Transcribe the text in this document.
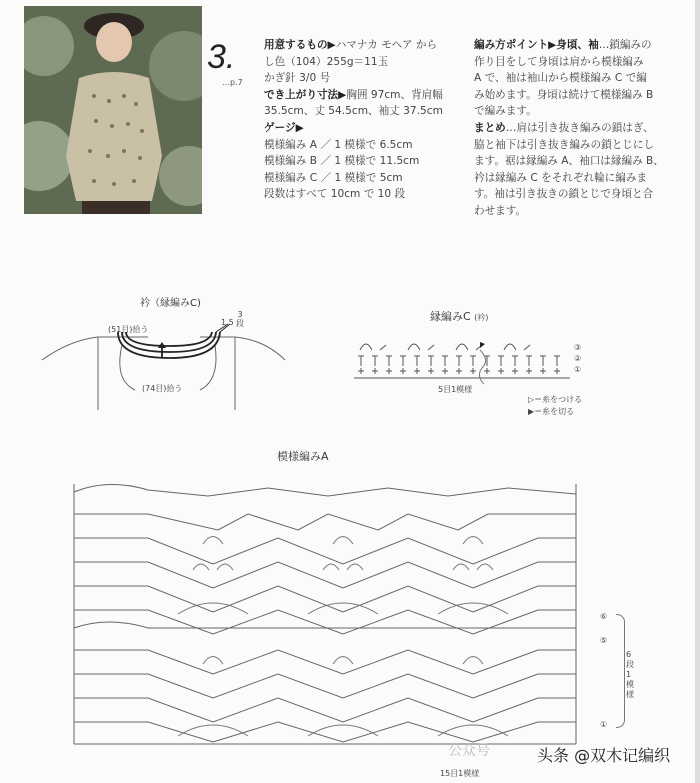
3.
…p.7
用意するもの▶ハマナカ モヘア から
し色（104）255g＝11玉
かぎ針 3/0 号
でき上がり寸法▶胸囲 97cm、背肩幅
35.5cm、丈 54.5cm、袖丈 37.5cm
ゲージ▶
模様編み A ／ 1 模様で 6.5cm
模様編み B ／ 1 模様で 11.5cm
模様編み C ／ 1 模様で 5cm
段数はすべて 10cm で 10 段
編み方ポイント▶身頃、袖…鎖編みの
作り目をして身頃は肩から模様編み
A で、袖は袖山から模様編み C で編
み始めます。身頃は続けて模様編み B
で編みます。
まとめ…肩は引き抜き編みの鎖はぎ、
脇と袖下は引き抜き編みの鎖とじにし
ます。裾は縁編み A、袖口は縁編み B、
衿は縁編み C をそれぞれ輪に編みま
す。袖は引き抜きの鎖とじで身頃と合
わせます。
衿（縁編みC)
(51目)拾う
(74目)拾う
1.5
3
段
縁編みC (衿)
③
②
①
5目1模様
▷＝糸をつける
▶＝糸を切る
模様編みA
⑥
⑤
①
6段1模様
15目1模様
公众号	头条 @双木记编织
